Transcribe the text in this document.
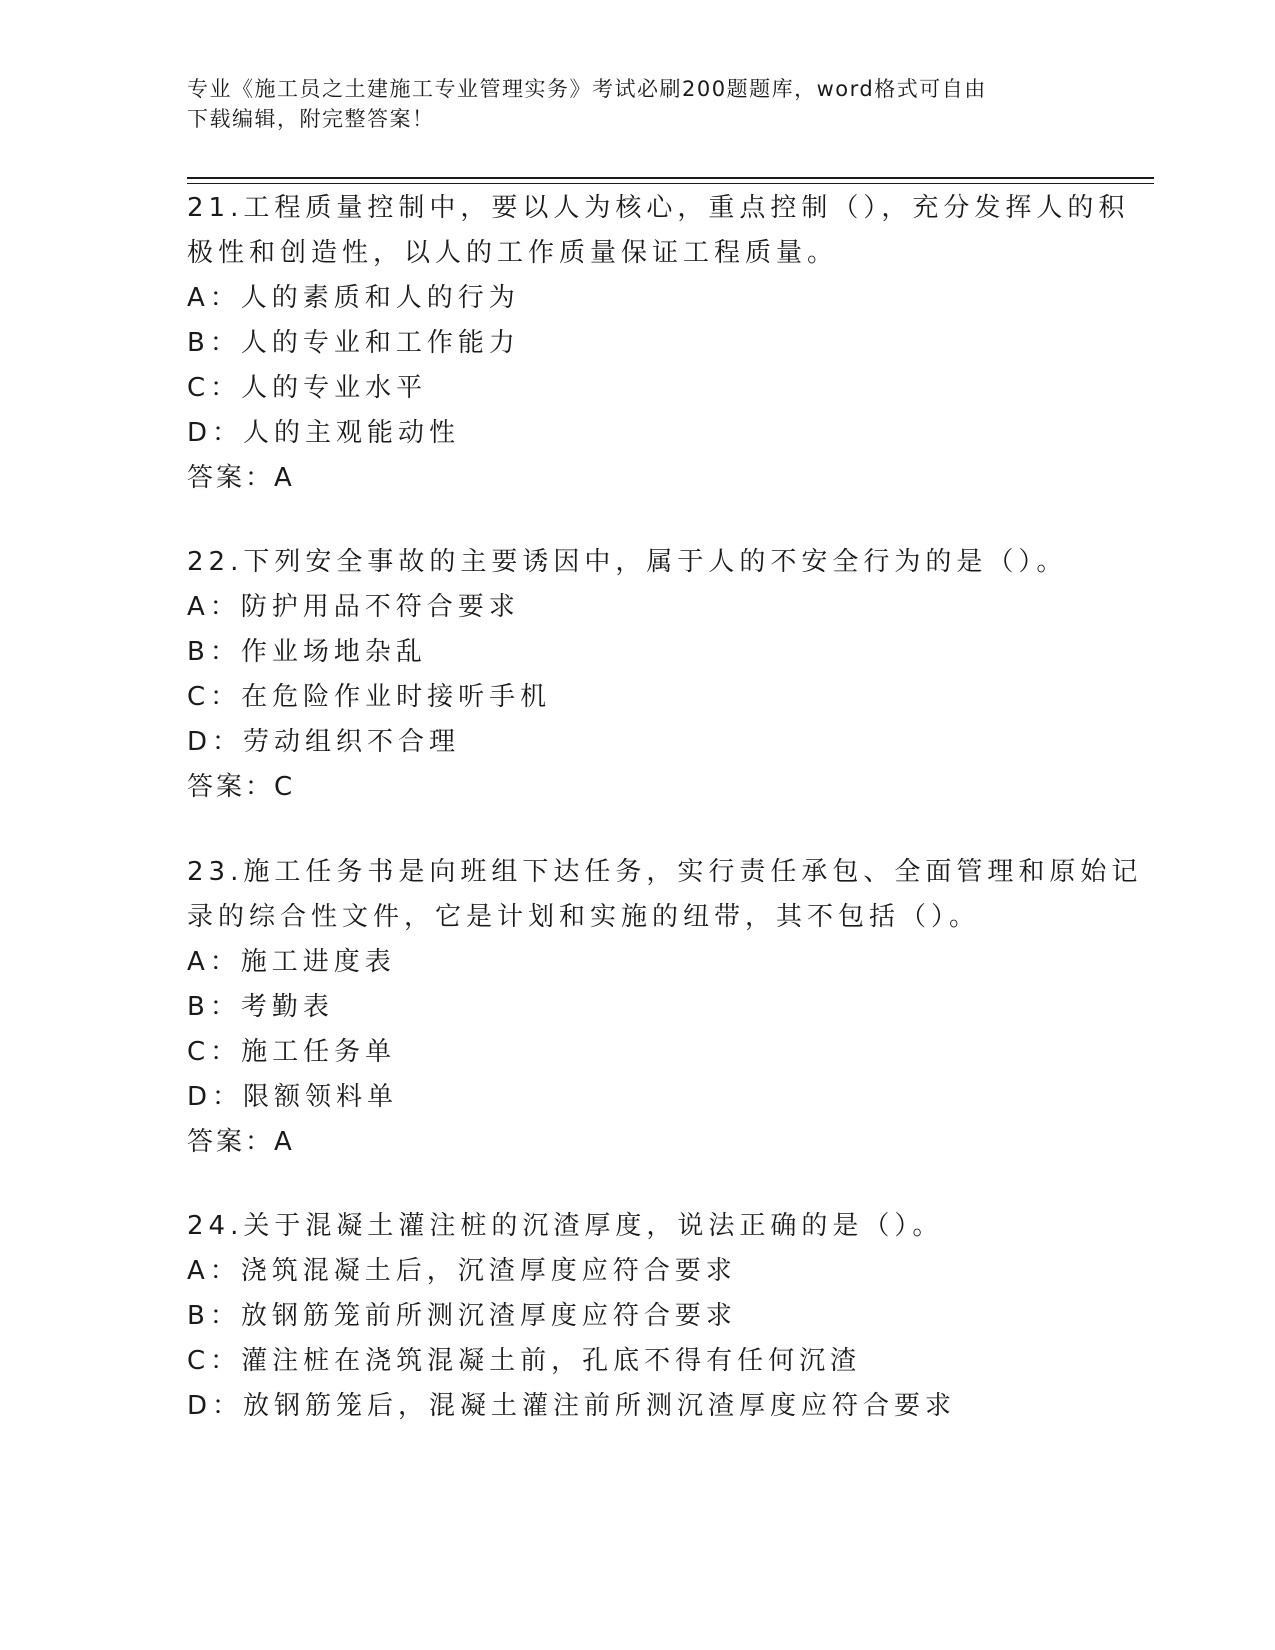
专业《施工员之土建施工专业管理实务》考试必刷200题题库，word格式可自由
下载编辑，附完整答案！
21.工程质量控制中，要以人为核心，重点控制（），充分发挥人的积
极性和创造性，以人的工作质量保证工程质量。
A：人的素质和人的行为
B：人的专业和工作能力
C：人的专业水平
D：人的主观能动性
答案：A
22.下列安全事故的主要诱因中，属于人的不安全行为的是（）。
A：防护用品不符合要求
B：作业场地杂乱
C：在危险作业时接听手机
D：劳动组织不合理
答案：C
23.施工任务书是向班组下达任务，实行责任承包、全面管理和原始记
录的综合性文件，它是计划和实施的纽带，其不包括（）。
A：施工进度表
B：考勤表
C：施工任务单
D：限额领料单
答案：A
24.关于混凝土灌注桩的沉渣厚度，说法正确的是（）。
A：浇筑混凝土后，沉渣厚度应符合要求
B：放钢筋笼前所测沉渣厚度应符合要求
C：灌注桩在浇筑混凝土前，孔底不得有任何沉渣
D：放钢筋笼后，混凝土灌注前所测沉渣厚度应符合要求
